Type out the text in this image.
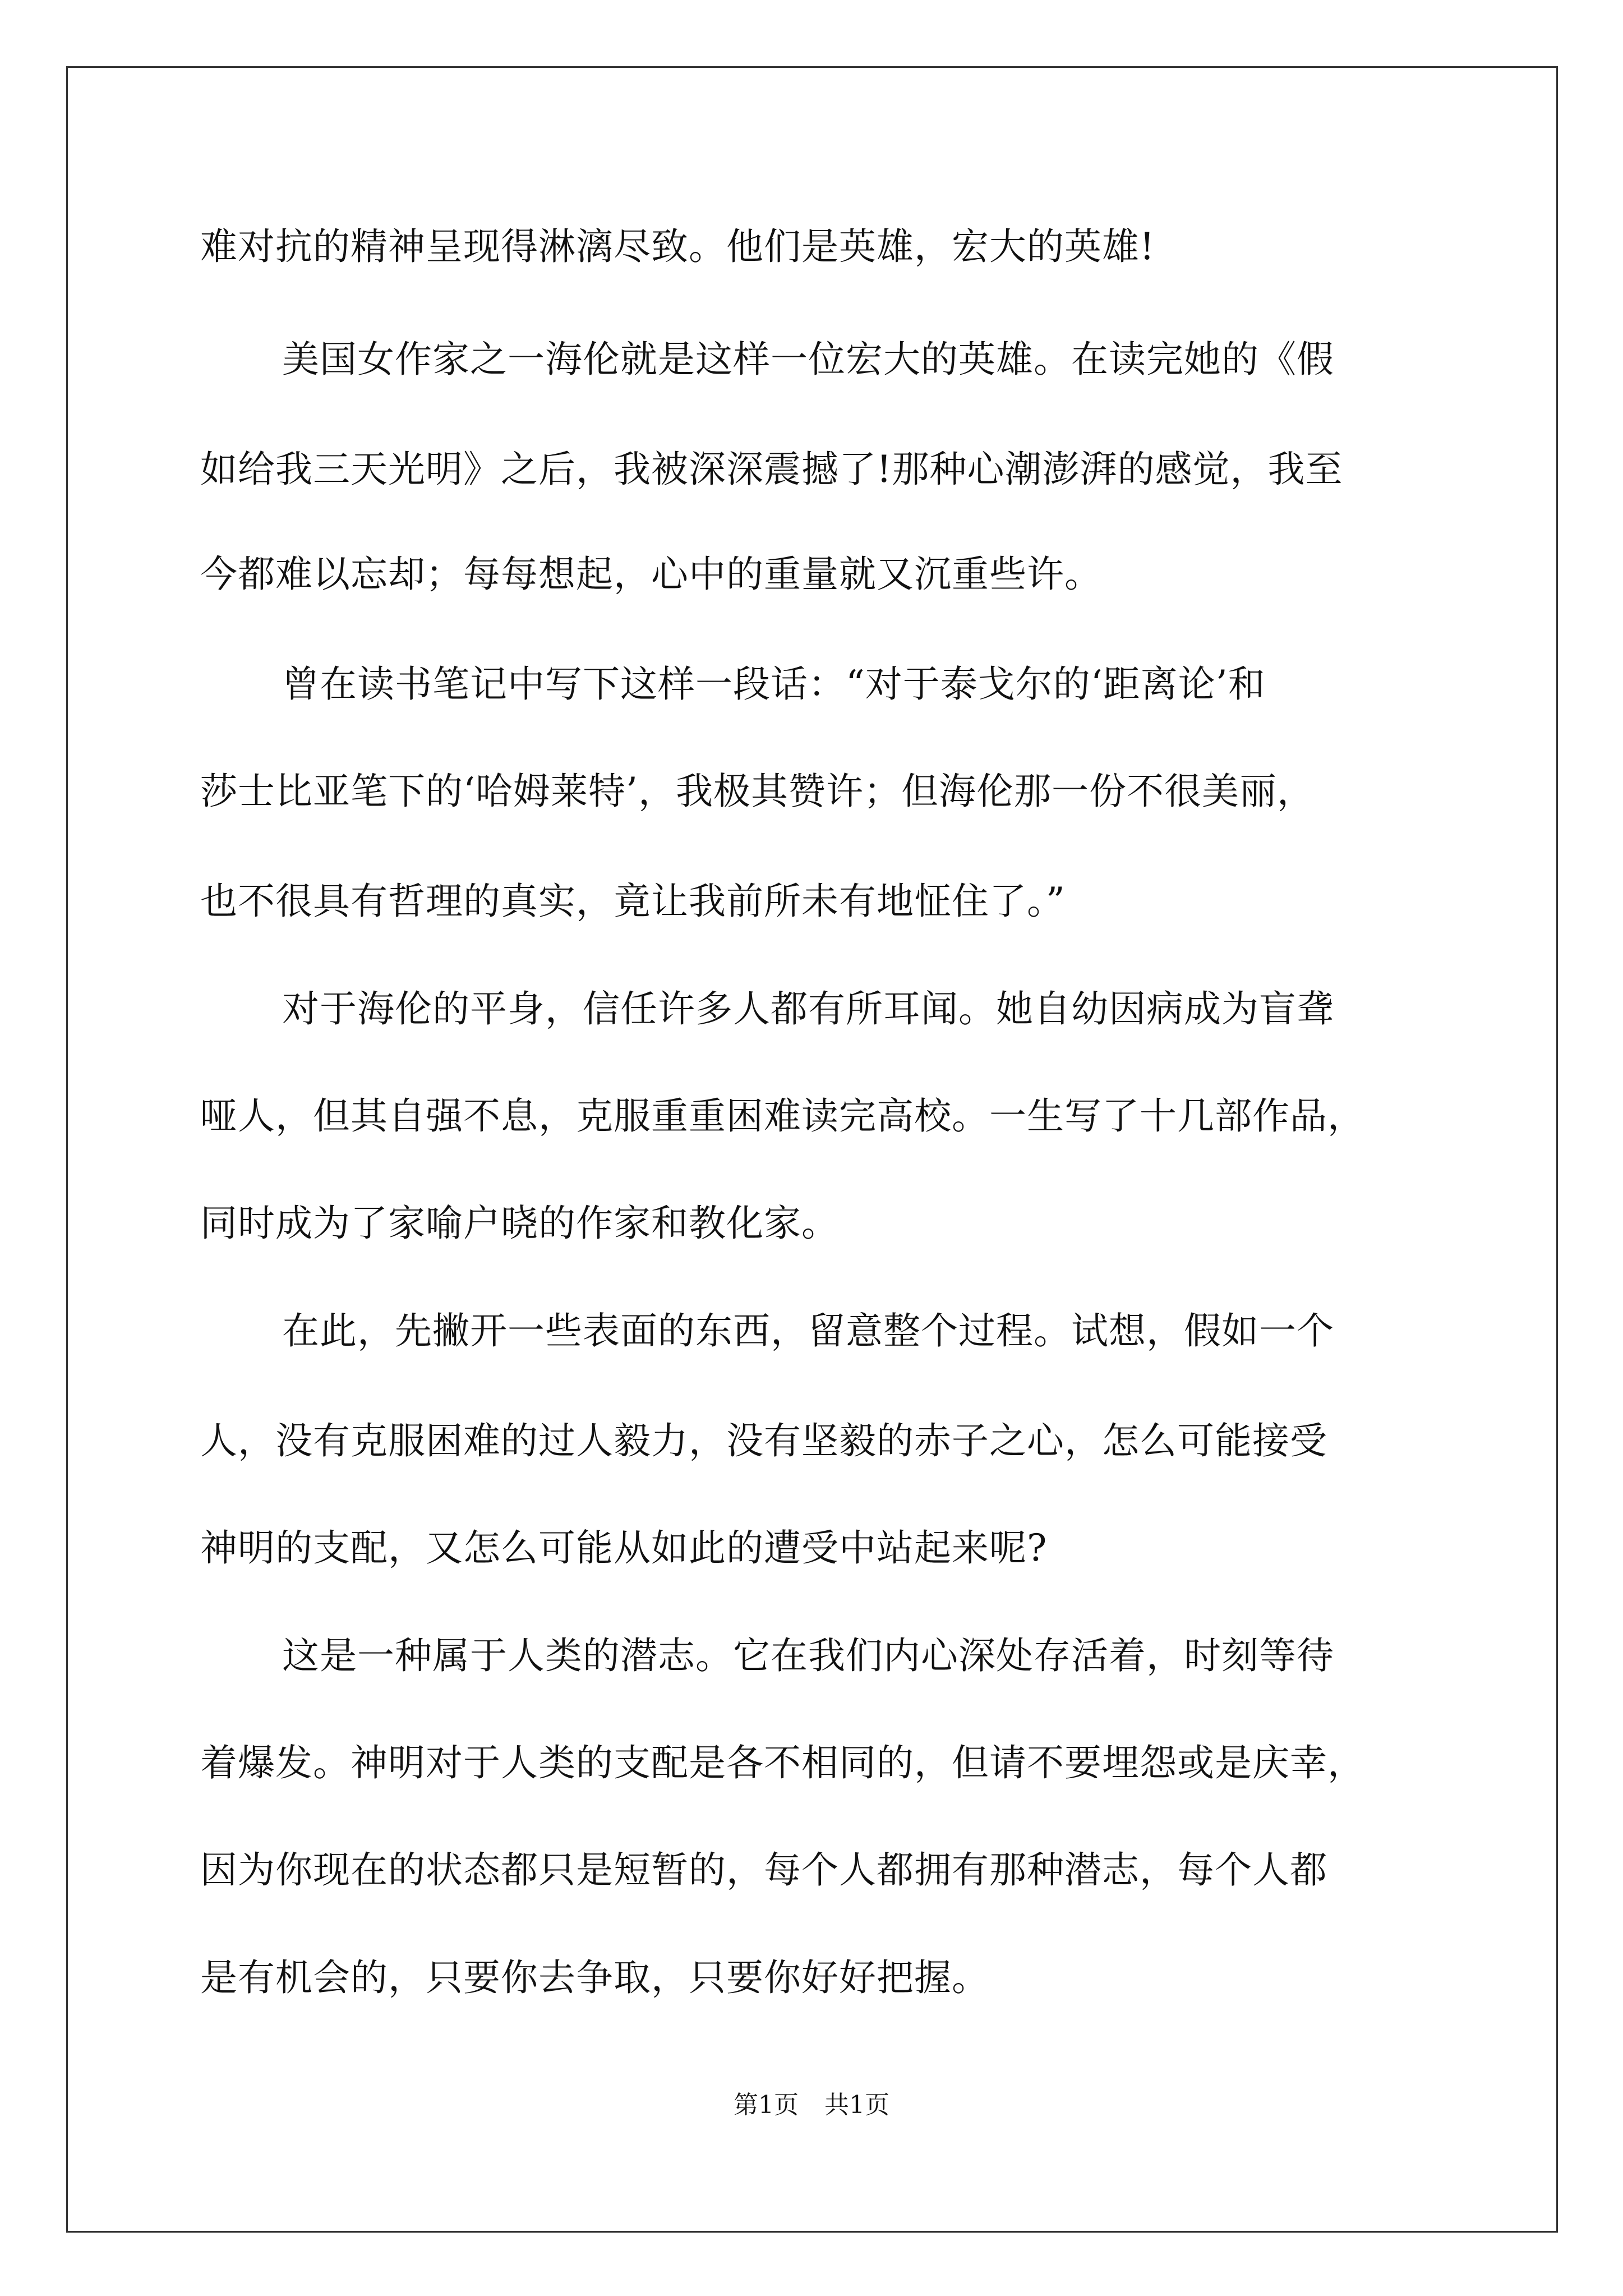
难对抗的精神呈现得淋漓尽致。他们是英雄，宏大的英雄!
美国女作家之一海伦就是这样一位宏大的英雄。在读完她的《假
如给我三天光明》之后，我被深深震撼了!那种心潮澎湃的感觉，我至
今都难以忘却；每每想起，心中的重量就又沉重些许。
曾在读书笔记中写下这样一段话：“对于泰戈尔的‘距离论’和
莎士比亚笔下的‘哈姆莱特’，我极其赞许；但海伦那一份不很美丽，
也不很具有哲理的真实，竟让我前所未有地怔住了。”
对于海伦的平身，信任许多人都有所耳闻。她自幼因病成为盲聋
哑人，但其自强不息，克服重重困难读完高校。一生写了十几部作品，
同时成为了家喻户晓的作家和教化家。
在此，先撇开一些表面的东西，留意整个过程。试想，假如一个
人，没有克服困难的过人毅力，没有坚毅的赤子之心，怎么可能接受
神明的支配，又怎么可能从如此的遭受中站起来呢?
这是一种属于人类的潜志。它在我们内心深处存活着，时刻等待
着爆发。神明对于人类的支配是各不相同的，但请不要埋怨或是庆幸，
因为你现在的状态都只是短暂的，每个人都拥有那种潜志，每个人都
是有机会的，只要你去争取，只要你好好把握。
第1页 共1页
